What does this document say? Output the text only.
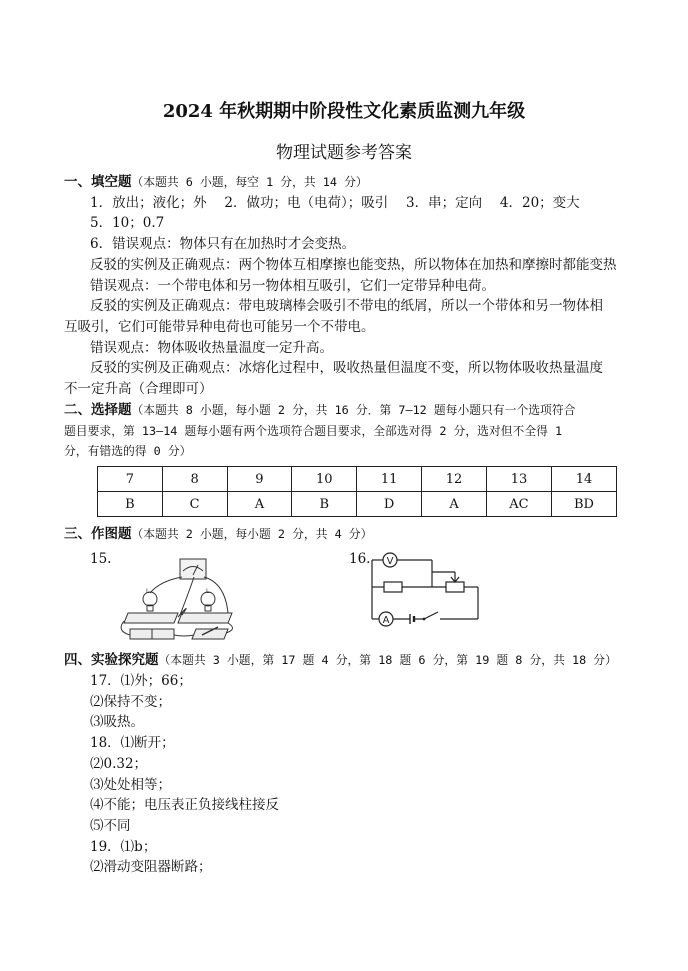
2024 年秋期期中阶段性文化素质监测九年级
物理试题参考答案
一、填空题（本题共 6 小题，每空 1 分，共 14 分）
1．放出；液化；外　 2．做功；电（电荷）；吸引　 3．串；定向　 4．20；变大
5．10；0.7
6．错误观点：物体只有在加热时才会变热。
反驳的实例及正确观点：两个物体互相摩擦也能变热，所以物体在加热和摩擦时都能变热
错误观点：一个带电体和另一物体相互吸引，它们一定带异种电荷。
反驳的实例及正确观点：带电玻璃棒会吸引不带电的纸屑，所以一个带体和另一物体相
互吸引，它们可能带异种电荷也可能另一个不带电。
错误观点：物体吸收热量温度一定升高。
反驳的实例及正确观点：冰熔化过程中，吸收热量但温度不变，所以物体吸收热量温度
不一定升高（合理即可）
二、选择题（本题共 8 小题，每小题 2 分，共 16 分．第 7—12 题每小题只有一个选项符合
题目要求，第 13—14 题每小题有两个选项符合题目要求，全部选对得 2 分，选对但不全得 1
分，有错选的得 0 分）
7	8	9	10	11	12	13	14
B	C	A	B	D	A	AC	BD
三、作图题（本题共 2 小题，每小题 2 分，共 4 分）
15.	16.
L	L
V
A
四、实验探究题（本题共 3 小题，第 17 题 4 分，第 18 题 6 分，第 19 题 8 分，共 18 分）
17．⑴外；66；
⑵保持不变；
⑶吸热。
18．⑴断开；
⑵0.32；
⑶处处相等；
⑷不能；电压表正负接线柱接反
⑸不同
19．⑴b；
⑵滑动变阻器断路；
